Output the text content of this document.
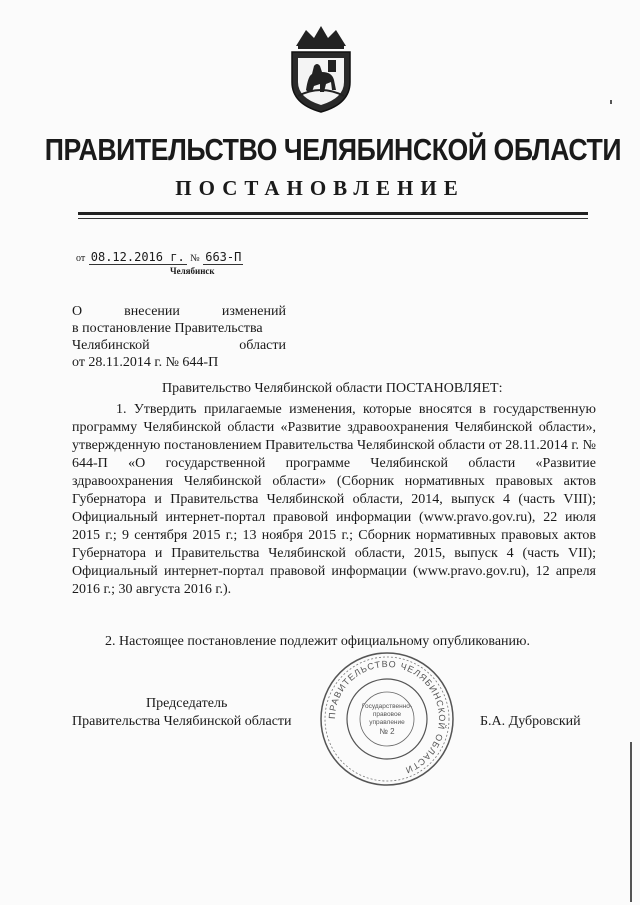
ПРАВИТЕЛЬСТВО ЧЕЛЯБИНСКОЙ ОБЛАСТИ
ПОСТАНОВЛЕНИЕ
от 08.12.2016 г. № 663-П
Челябинск
О	внесении	изменений
в постановление Правительства
Челябинской	области
от 28.11.2014 г. № 644-П
Правительство Челябинской области ПОСТАНОВЛЯЕТ:
1. Утвердить прилагаемые изменения, которые вносятся в государственную программу Челябинской области «Развитие здравоохранения Челябинской области», утвержденную постановлением Правительства Челябинской области от 28.11.2014 г. № 644-П «О государственной программе Челябинской области «Развитие здравоохранения Челябинской области» (Сборник нормативных правовых актов Губернатора и Правительства Челябинской области, 2014, выпуск 4 (часть VIII); Официальный интернет-портал правовой информации (www.pravo.gov.ru), 22 июля 2015 г.; 9 сентября 2015 г.; 13 ноября 2015 г.; Сборник нормативных правовых актов Губернатора и Правительства Челябинской области, 2015, выпуск 4 (часть VII); Официальный интернет-портал правовой информации (www.pravo.gov.ru), 12 апреля 2016 г.; 30 августа 2016 г.).
2. Настоящее постановление подлежит официальному опубликованию.
Председатель
Правительства Челябинской области	Б.А. Дубровский
ПРАВИТЕЛЬСТВО ЧЕЛЯБИНСКОЙ ОБЛАСТИ
Государственно-
правовое
управление
№ 2
